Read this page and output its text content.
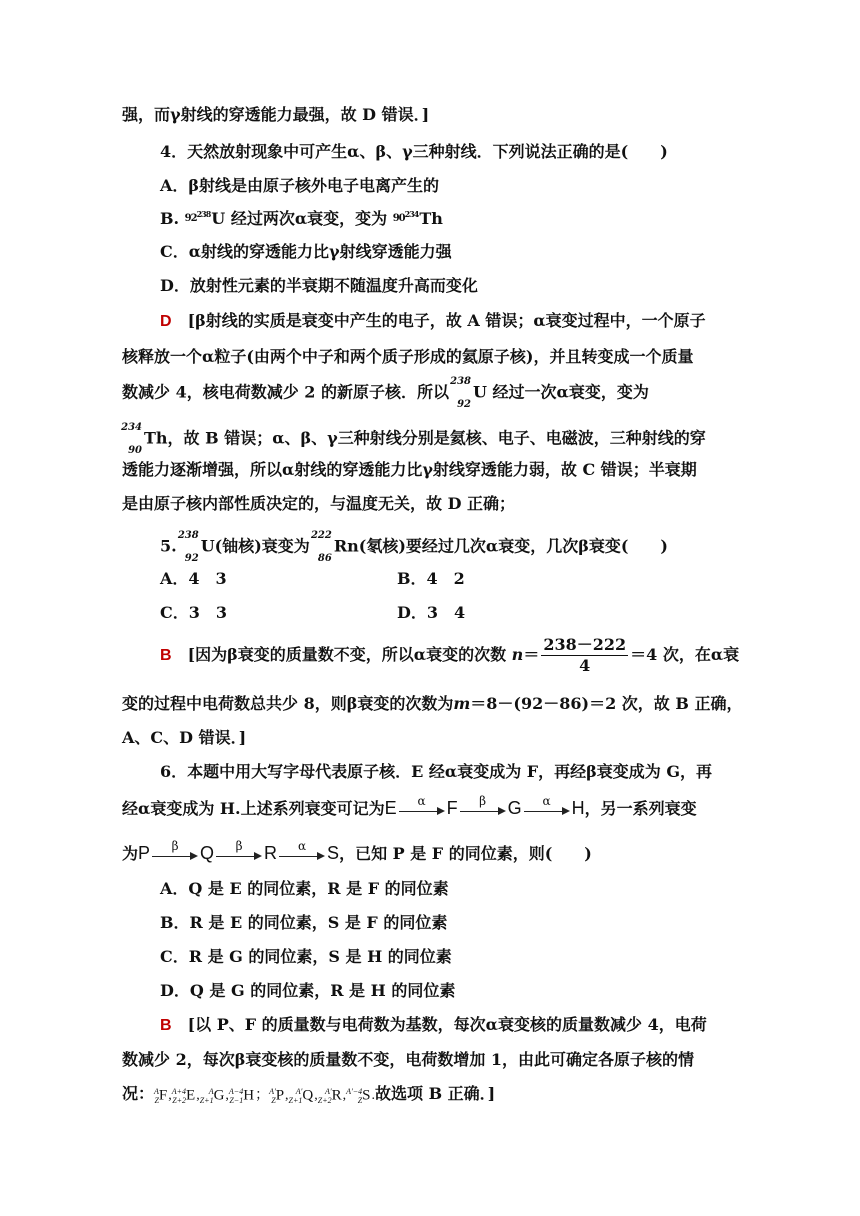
强，而γ射线的穿透能力最强，故 D 错误．]
4．天然放射现象中可产生α、β、γ三种射线．下列说法正确的是(　　)
A．β射线是由原子核外电子电离产生的
B. $92^{238}U$ 经过两次α衰变，变为 $90^{234}Th$
C．α射线的穿透能力比γ射线穿透能力强
D．放射性元素的半衰期不随温度升高而变化
D　 [β射线的实质是衰变中产生的电子，故 A 错误；α衰变过程中，一个原子
核释放一个α粒子(由两个中子和两个质子形成的氦原子核)，并且转变成一个质量
数减少 4，核电荷数减少 2 的新原子核．所以
238
92
U 经过一次α衰变，变为
234
90
Th，故 B 错误；α、β、γ三种射线分别是氦核、电子、电磁波，三种射线的穿
透能力逐渐增强，所以α射线的穿透能力比γ射线穿透能力弱，故 C 错误；半衰期
是由原子核内部性质决定的，与温度无关，故 D 正确；
5.
238
92
U(铀核)衰变为
222
86
Rn(氡核)要经过几次α衰变，几次β衰变(　　)
A．4　3	B．4　2
C．3　3	D．3　4
B　 [因为β衰变的质量数不变，所以α衰变的次数 $n= \frac{238-222}{4} =4$ 次，在α衰
变的过程中电荷数总共少 8，则β衰变的次数为m＝8－(92－86)＝2 次，故 B 正确，
A、C、D 错误．]
6．本题中用大写字母代表原子核．E 经α衰变成为 F，再经β衰变成为 G，再
经α衰变成为 H.上述系列衰变可记为E	α	F	β	G	α	H，另一系列衰变
为P	β	Q	β	R	α	S，已知 P 是 F 的同位素，则(　　)
A．Q 是 E 的同位素，R 是 F 的同位素
B．R 是 E 的同位素，S 是 F 的同位素
C．R 是 G 的同位素，S 是 H 的同位素
D．Q 是 G 的同位素，R 是 H 的同位素
B　 [以 P、F 的质量数与电荷数为基数，每次α衰变核的质量数减少 4，电荷
数减少 2，每次β衰变核的质量数不变，电荷数增加 1，由此可确定各原子核的情
况： A
Z F, A+4
Z+2 E, A
Z+1 G, A−4
Z−1 H； A′
Z P, A′
Z+1 Q, A′
Z+2 R, A′−4
Z S.故选项 B 正确．]
